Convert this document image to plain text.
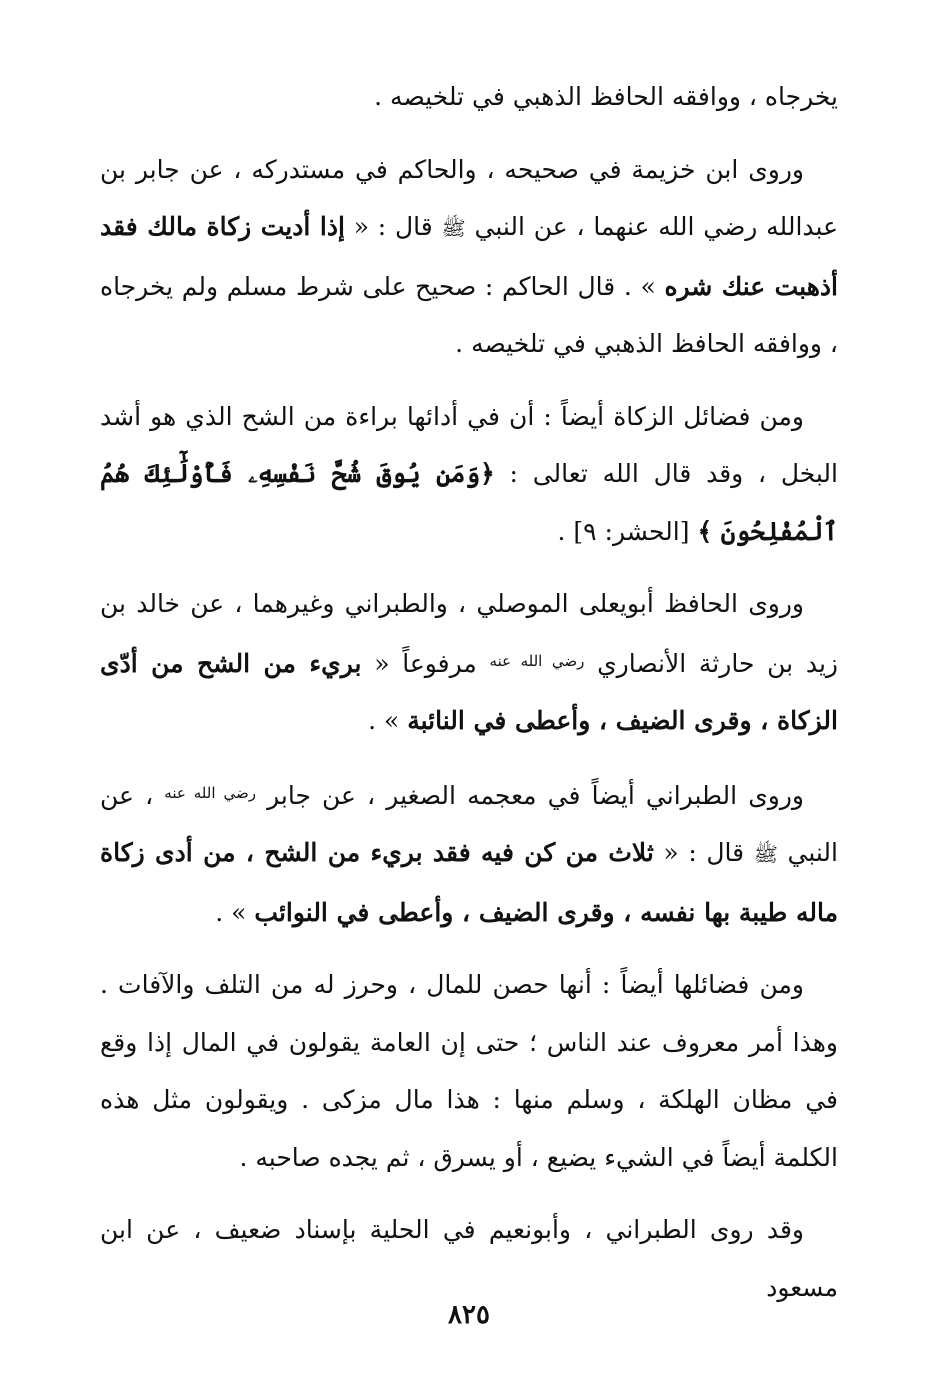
يخرجاه ، ووافقه الحافظ الذهبي في تلخيصه .

وروى ابن خزيمة في صحيحه ، والحاكم في مستدركه ، عن جابر بن عبدالله رضي الله عنهما ، عن النبي ﷺ قال : « إذا أديت زكاة مالك فقد أذهبت عنك شره » . قال الحاكم : صحيح على شرط مسلم ولم يخرجاه ، ووافقه الحافظ الذهبي في تلخيصه .

ومن فضائل الزكاة أيضاً : أن في أدائها براءة من الشح الذي هو أشد البخل ، وقد قال الله تعالى : ﴿وَمَن يُوقَ شُحَّ نَفْسِهِۦ فَأُوْلَٰٓئِكَ هُمُ ٱلْمُفْلِحُونَ ﴾ [الحشر: ٩] .

وروى الحافظ أبويعلى الموصلي ، والطبراني وغيرهما ، عن خالد بن زيد بن حارثة الأنصاري $^{رضي الله عنه}$ مرفوعاً « بريء من الشح من أدّى الزكاة ، وقرى الضيف ، وأعطى في النائبة » .

وروى الطبراني أيضاً في معجمه الصغير ، عن جابر $^{رضي الله عنه}$ ، عن النبي ﷺ قال : « ثلاث من كن فيه فقد بريء من الشح ، من أدى زكاة ماله طيبة بها نفسه ، وقرى الضيف ، وأعطى في النوائب » .

ومن فضائلها أيضاً : أنها حصن للمال ، وحرز له من التلف والآفات . وهذا أمر معروف عند الناس ؛ حتى إن العامة يقولون في المال إذا وقع في مظان الهلكة ، وسلم منها : هذا مال مزكى . ويقولون مثل هذه الكلمة أيضاً في الشيء يضيع ، أو يسرق ، ثم يجده صاحبه .

وقد روى الطبراني ، وأبونعيم في الحلية بإسناد ضعيف ، عن ابن مسعود

٨٢٥
